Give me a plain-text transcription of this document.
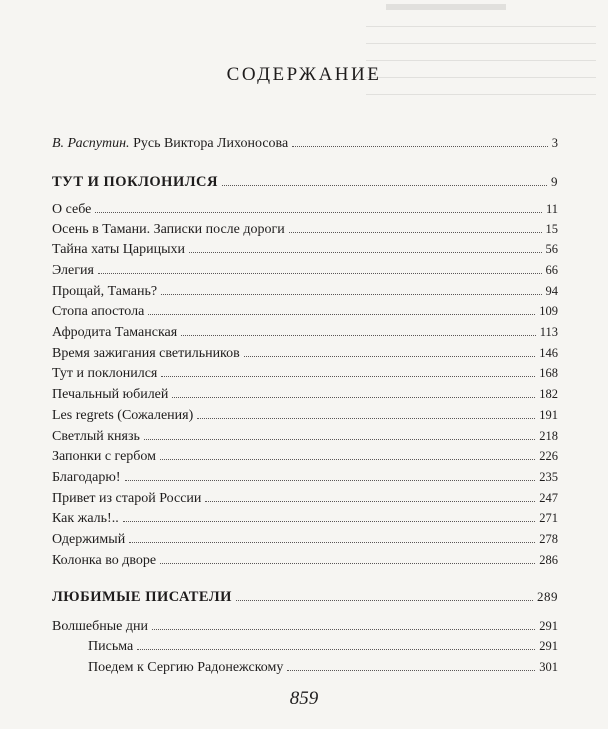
СОДЕРЖАНИЕ
В. Распутин. Русь Виктора Лихоносова	3
ТУТ И ПОКЛОНИЛСЯ	9
О себе	11
Осень в Тамани. Записки после дороги	15
Тайна хаты Царицыхи	56
Элегия	66
Прощай, Тамань?	94
Стопа апостола	109
Афродита Таманская	113
Время зажигания светильников	146
Тут и поклонился	168
Печальный юбилей	182
Les regrets (Сожаления)	191
Светлый князь	218
Запонки с гербом	226
Благодарю!	235
Привет из старой России	247
Как жаль!..	271
Одержимый	278
Колонка во дворе	286
ЛЮБИМЫЕ ПИСАТЕЛИ	289
Волшебные дни	291
Письма	291
Поедем к Сергию Радонежскому	301
859
